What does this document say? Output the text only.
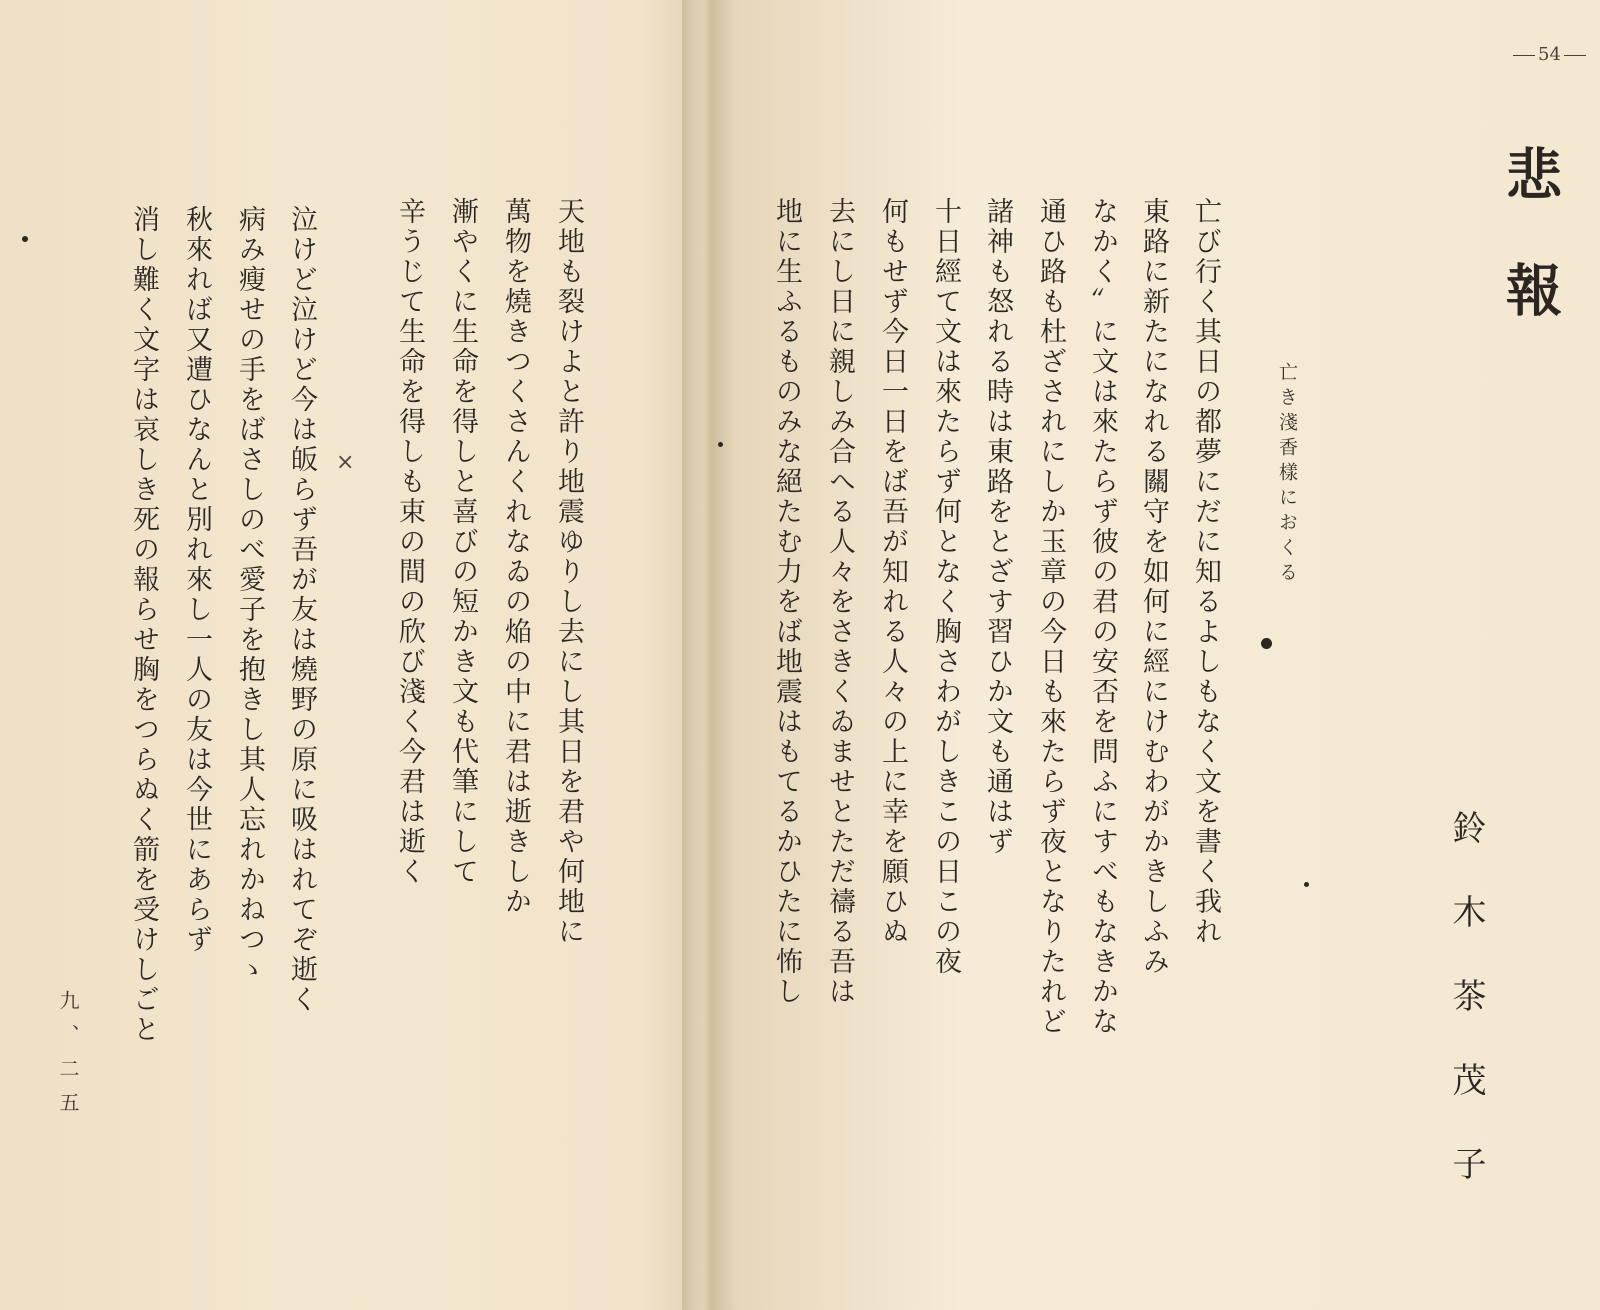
54
悲報
亡き淺香樣におくる
鈴木茶茂子
亡び行く其日の都夢にだに知るよしもなく文を書く我れ
東路に新たになれる關守を如何に經にけむわがかきしふみ
なかく〟に文は來たらず彼の君の安否を問ふにすべもなきかな
通ひ路も杜ざされにしか玉章の今日も來たらず夜となりたれど
諸神も怒れる時は東路をとざす習ひか文も通はず
十日經て文は來たらず何となく胸さわがしきこの日この夜
何もせず今日一日をば吾が知れる人々の上に幸を願ひぬ
去にし日に親しみ合へる人々をさきくゐませとただ禱る吾は
地に生ふるものみな絕たむ力をば地震はもてるかひたに怖し
天地も裂けよと許り地震ゆりし去にし其日を君や何地に
萬物を燒きつくさんくれなゐの焔の中に君は逝きしか
漸やくに生命を得しと喜びの短かき文も代筆にして
辛うじて生命を得しも束の間の欣び淺く今君は逝く
×
泣けど泣けど今は皈らず吾が友は燒野の原に吸はれてぞ逝く
病み瘦せの手をばさしのべ愛子を抱きし其人忘れかねつゝ
秋來れば又遭ひなんと別れ來し一人の友は今世にあらず
消し難く文字は哀しき死の報らせ胸をつらぬく箭を受けしごと
九、二五
